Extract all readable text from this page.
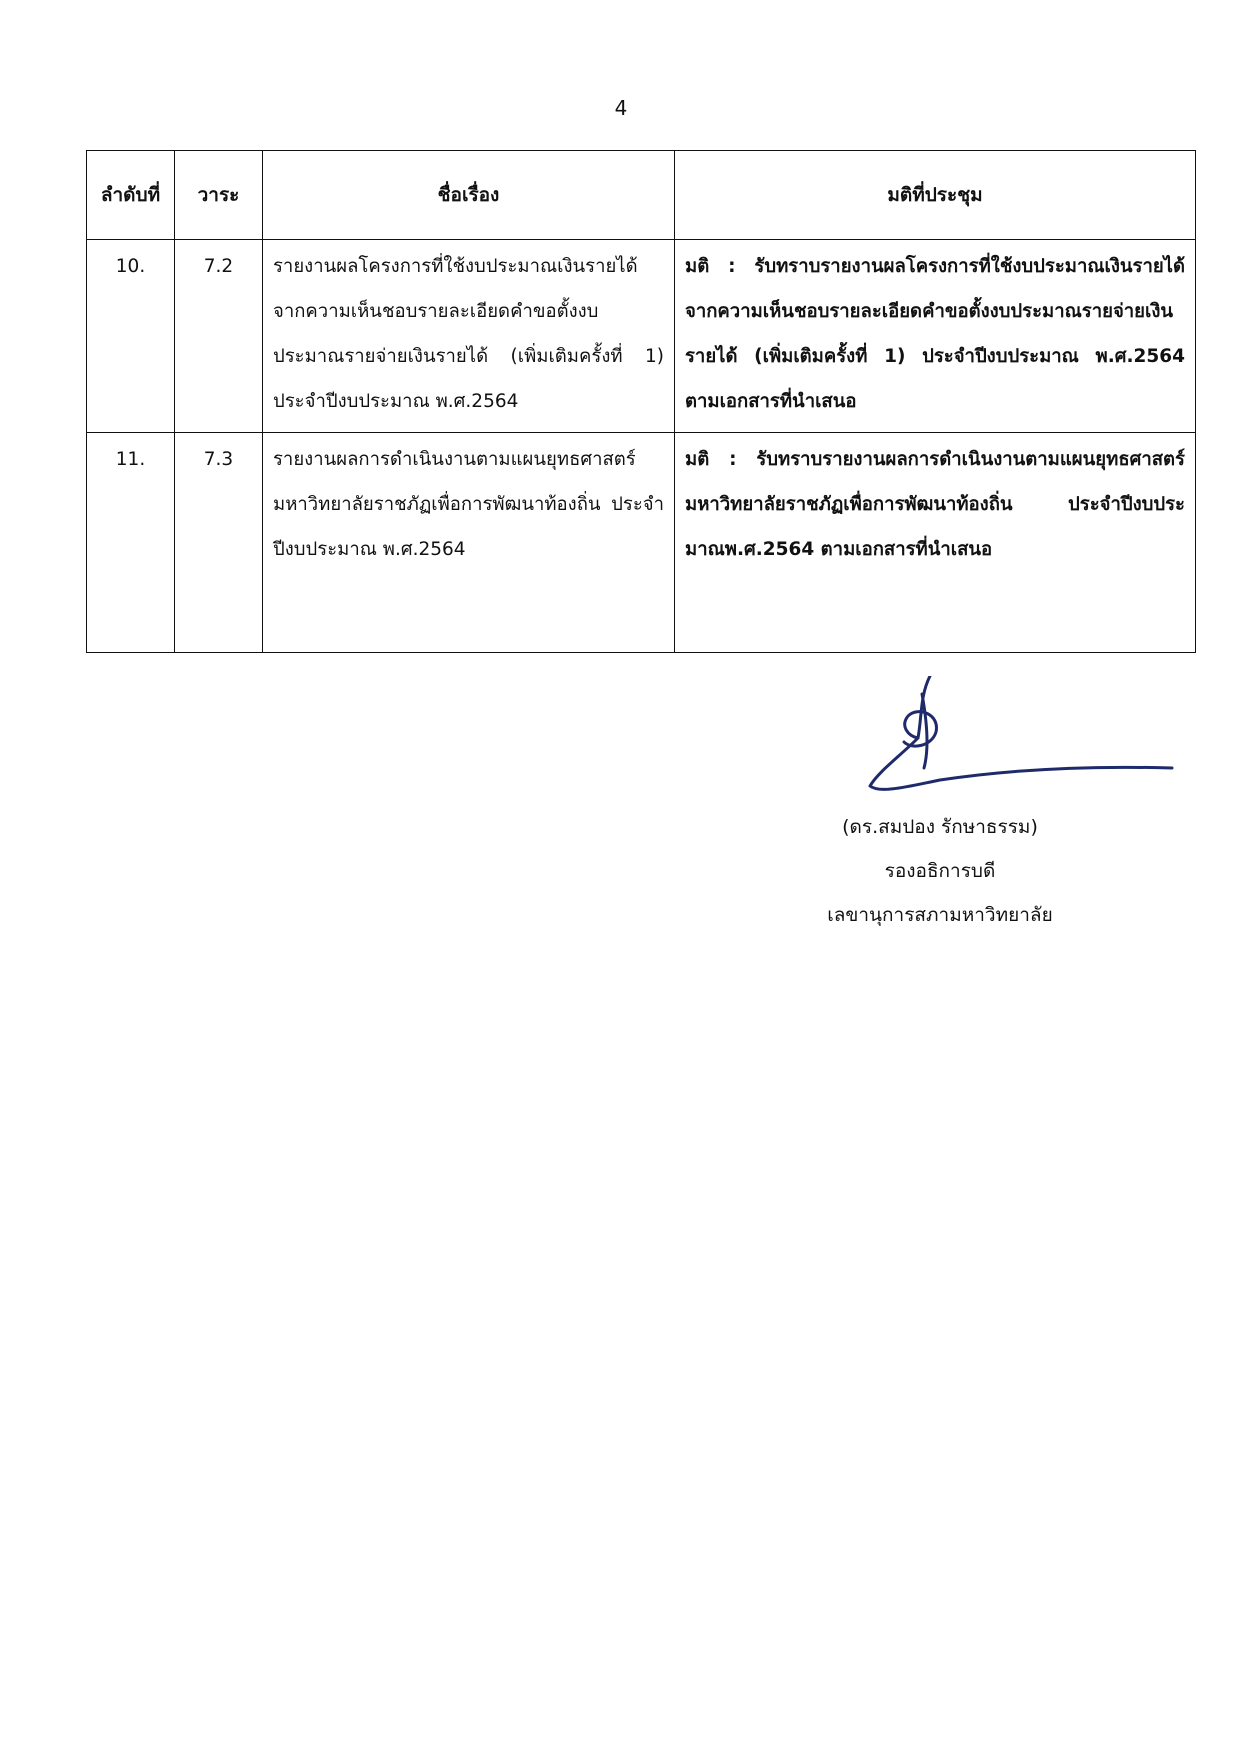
4
ลำดับที่	วาระ	ชื่อเรื่อง	มติที่ประชุม
10.	7.2	รายงานผลโครงการที่ใช้งบประมาณเงินรายได้จากความเห็นชอบรายละเอียดคำขอตั้งงบประมาณรายจ่ายเงินรายได้ (เพิ่มเติมครั้งที่ 1) ประจำปีงบประมาณ พ.ศ.2564	มติ : รับทราบรายงานผลโครงการที่ใช้งบประมาณเงินรายได้จากความเห็นชอบรายละเอียดคำขอตั้งงบประมาณรายจ่ายเงินรายได้ (เพิ่มเติมครั้งที่ 1) ประจำปีงบประมาณ พ.ศ.2564 ตามเอกสารที่นำเสนอ
11.	7.3	รายงานผลการดำเนินงานตามแผนยุทธศาสตร์มหาวิทยาลัยราชภัฏเพื่อการพัฒนาท้องถิ่น ประจำปีงบประมาณ พ.ศ.2564	มติ : รับทราบรายงานผลการดำเนินงานตามแผนยุทธศาสตร์มหาวิทยาลัยราชภัฏเพื่อการพัฒนาท้องถิ่น ประจำปีงบประมาณพ.ศ.2564 ตามเอกสารที่นำเสนอ
(ดร.สมปอง รักษาธรรม)
รองอธิการบดี
เลขานุการสภามหาวิทยาลัย
